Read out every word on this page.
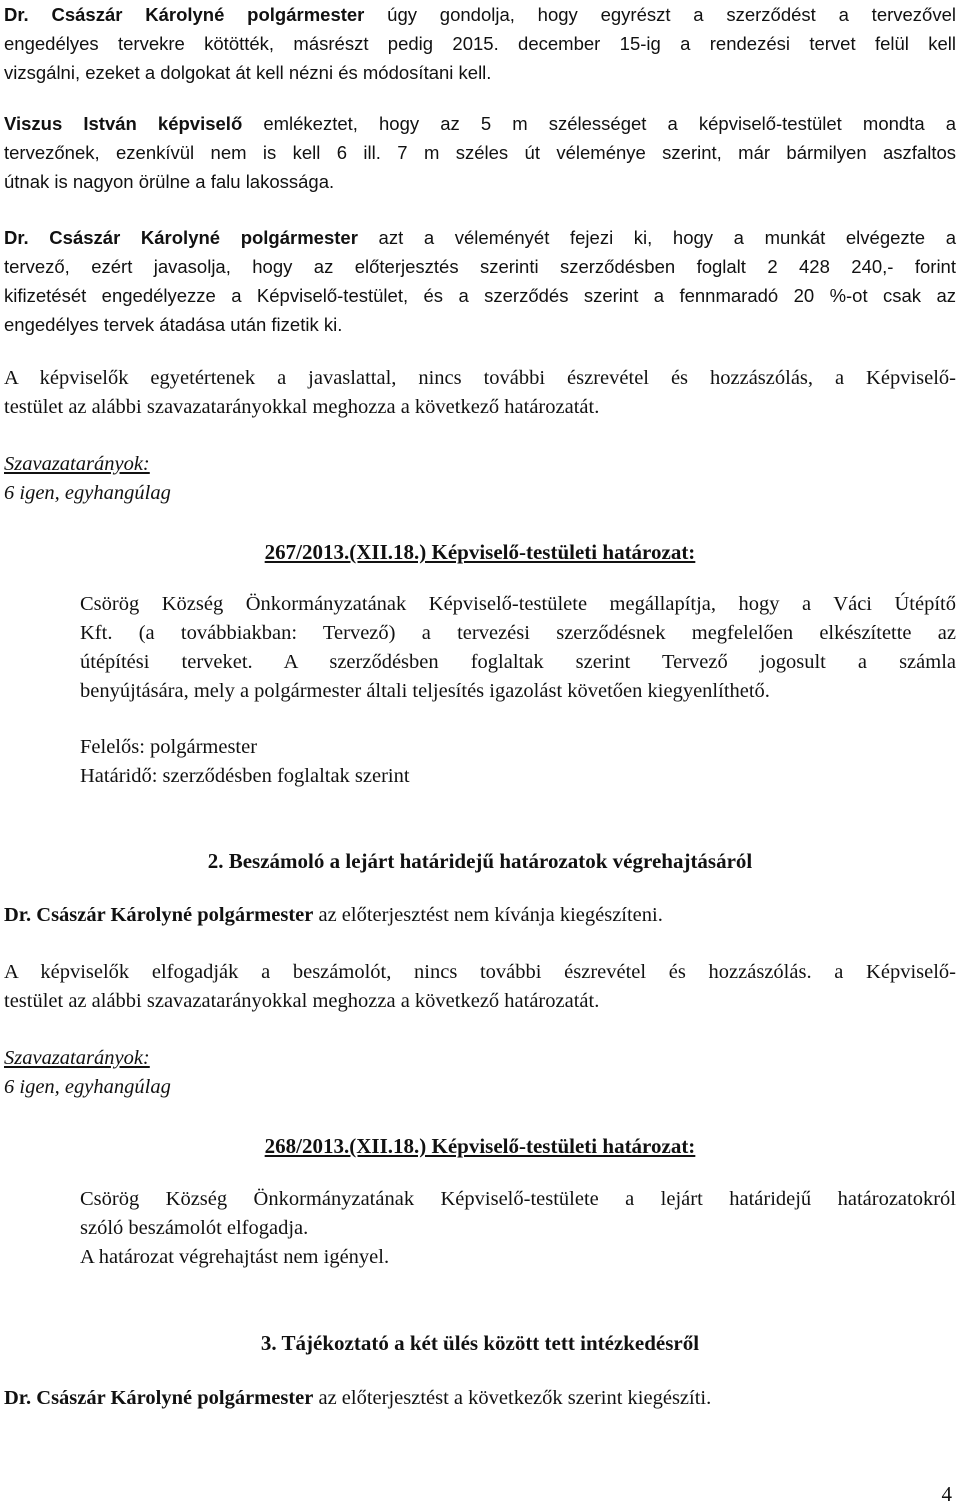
Dr. Császár Károlyné polgármester úgy gondolja, hogy egyrészt a szerződést a tervezővel
engedélyes tervekre kötötték, másrészt pedig 2015. december 15-ig a rendezési tervet felül kell
vizsgálni, ezeket a dolgokat át kell nézni és módosítani kell.
Viszus István képviselő emlékeztet, hogy az 5 m szélességet a képviselő-testület mondta a
tervezőnek, ezenkívül nem is kell 6 ill. 7 m széles út véleménye szerint, már bármilyen aszfaltos
útnak is nagyon örülne a falu lakossága.
Dr. Császár Károlyné polgármester azt a véleményét fejezi ki, hogy a munkát elvégezte a
tervező, ezért javasolja, hogy az előterjesztés szerinti szerződésben foglalt 2 428 240,- forint
kifizetését engedélyezze a Képviselő-testület, és a szerződés szerint a fennmaradó 20 %-ot csak az
engedélyes tervek átadása után fizetik ki.
A képviselők egyetértenek a javaslattal, nincs további észrevétel és hozzászólás, a Képviselő-
testület az alábbi szavazatarányokkal meghozza a következő határozatát.
Szavazatarányok:
6 igen, egyhangúlag
267/2013.(XII.18.) Képviselő-testületi határozat:
Csörög Község Önkormányzatának Képviselő-testülete megállapítja, hogy a Váci Útépítő
Kft. (a továbbiakban: Tervező) a tervezési szerződésnek megfelelően elkészítette az
útépítési terveket. A szerződésben foglaltak szerint Tervező jogosult a számla
benyújtására, mely a polgármester általi teljesítés igazolást követően kiegyenlíthető.
Felelős: polgármester
Határidő: szerződésben foglaltak szerint
2. Beszámoló a lejárt határidejű határozatok végrehajtásáról
Dr. Császár Károlyné polgármester az előterjesztést nem kívánja kiegészíteni.
A képviselők elfogadják a beszámolót, nincs további észrevétel és hozzászólás. a Képviselő-
testület az alábbi szavazatarányokkal meghozza a következő határozatát.
Szavazatarányok:
6 igen, egyhangúlag
268/2013.(XII.18.) Képviselő-testületi határozat:
Csörög Község Önkormányzatának Képviselő-testülete a lejárt határidejű határozatokról
szóló beszámolót elfogadja.
A határozat végrehajtást nem igényel.
3. Tájékoztató a két ülés között tett intézkedésről
Dr. Császár Károlyné polgármester az előterjesztést a következők szerint kiegészíti.
4
